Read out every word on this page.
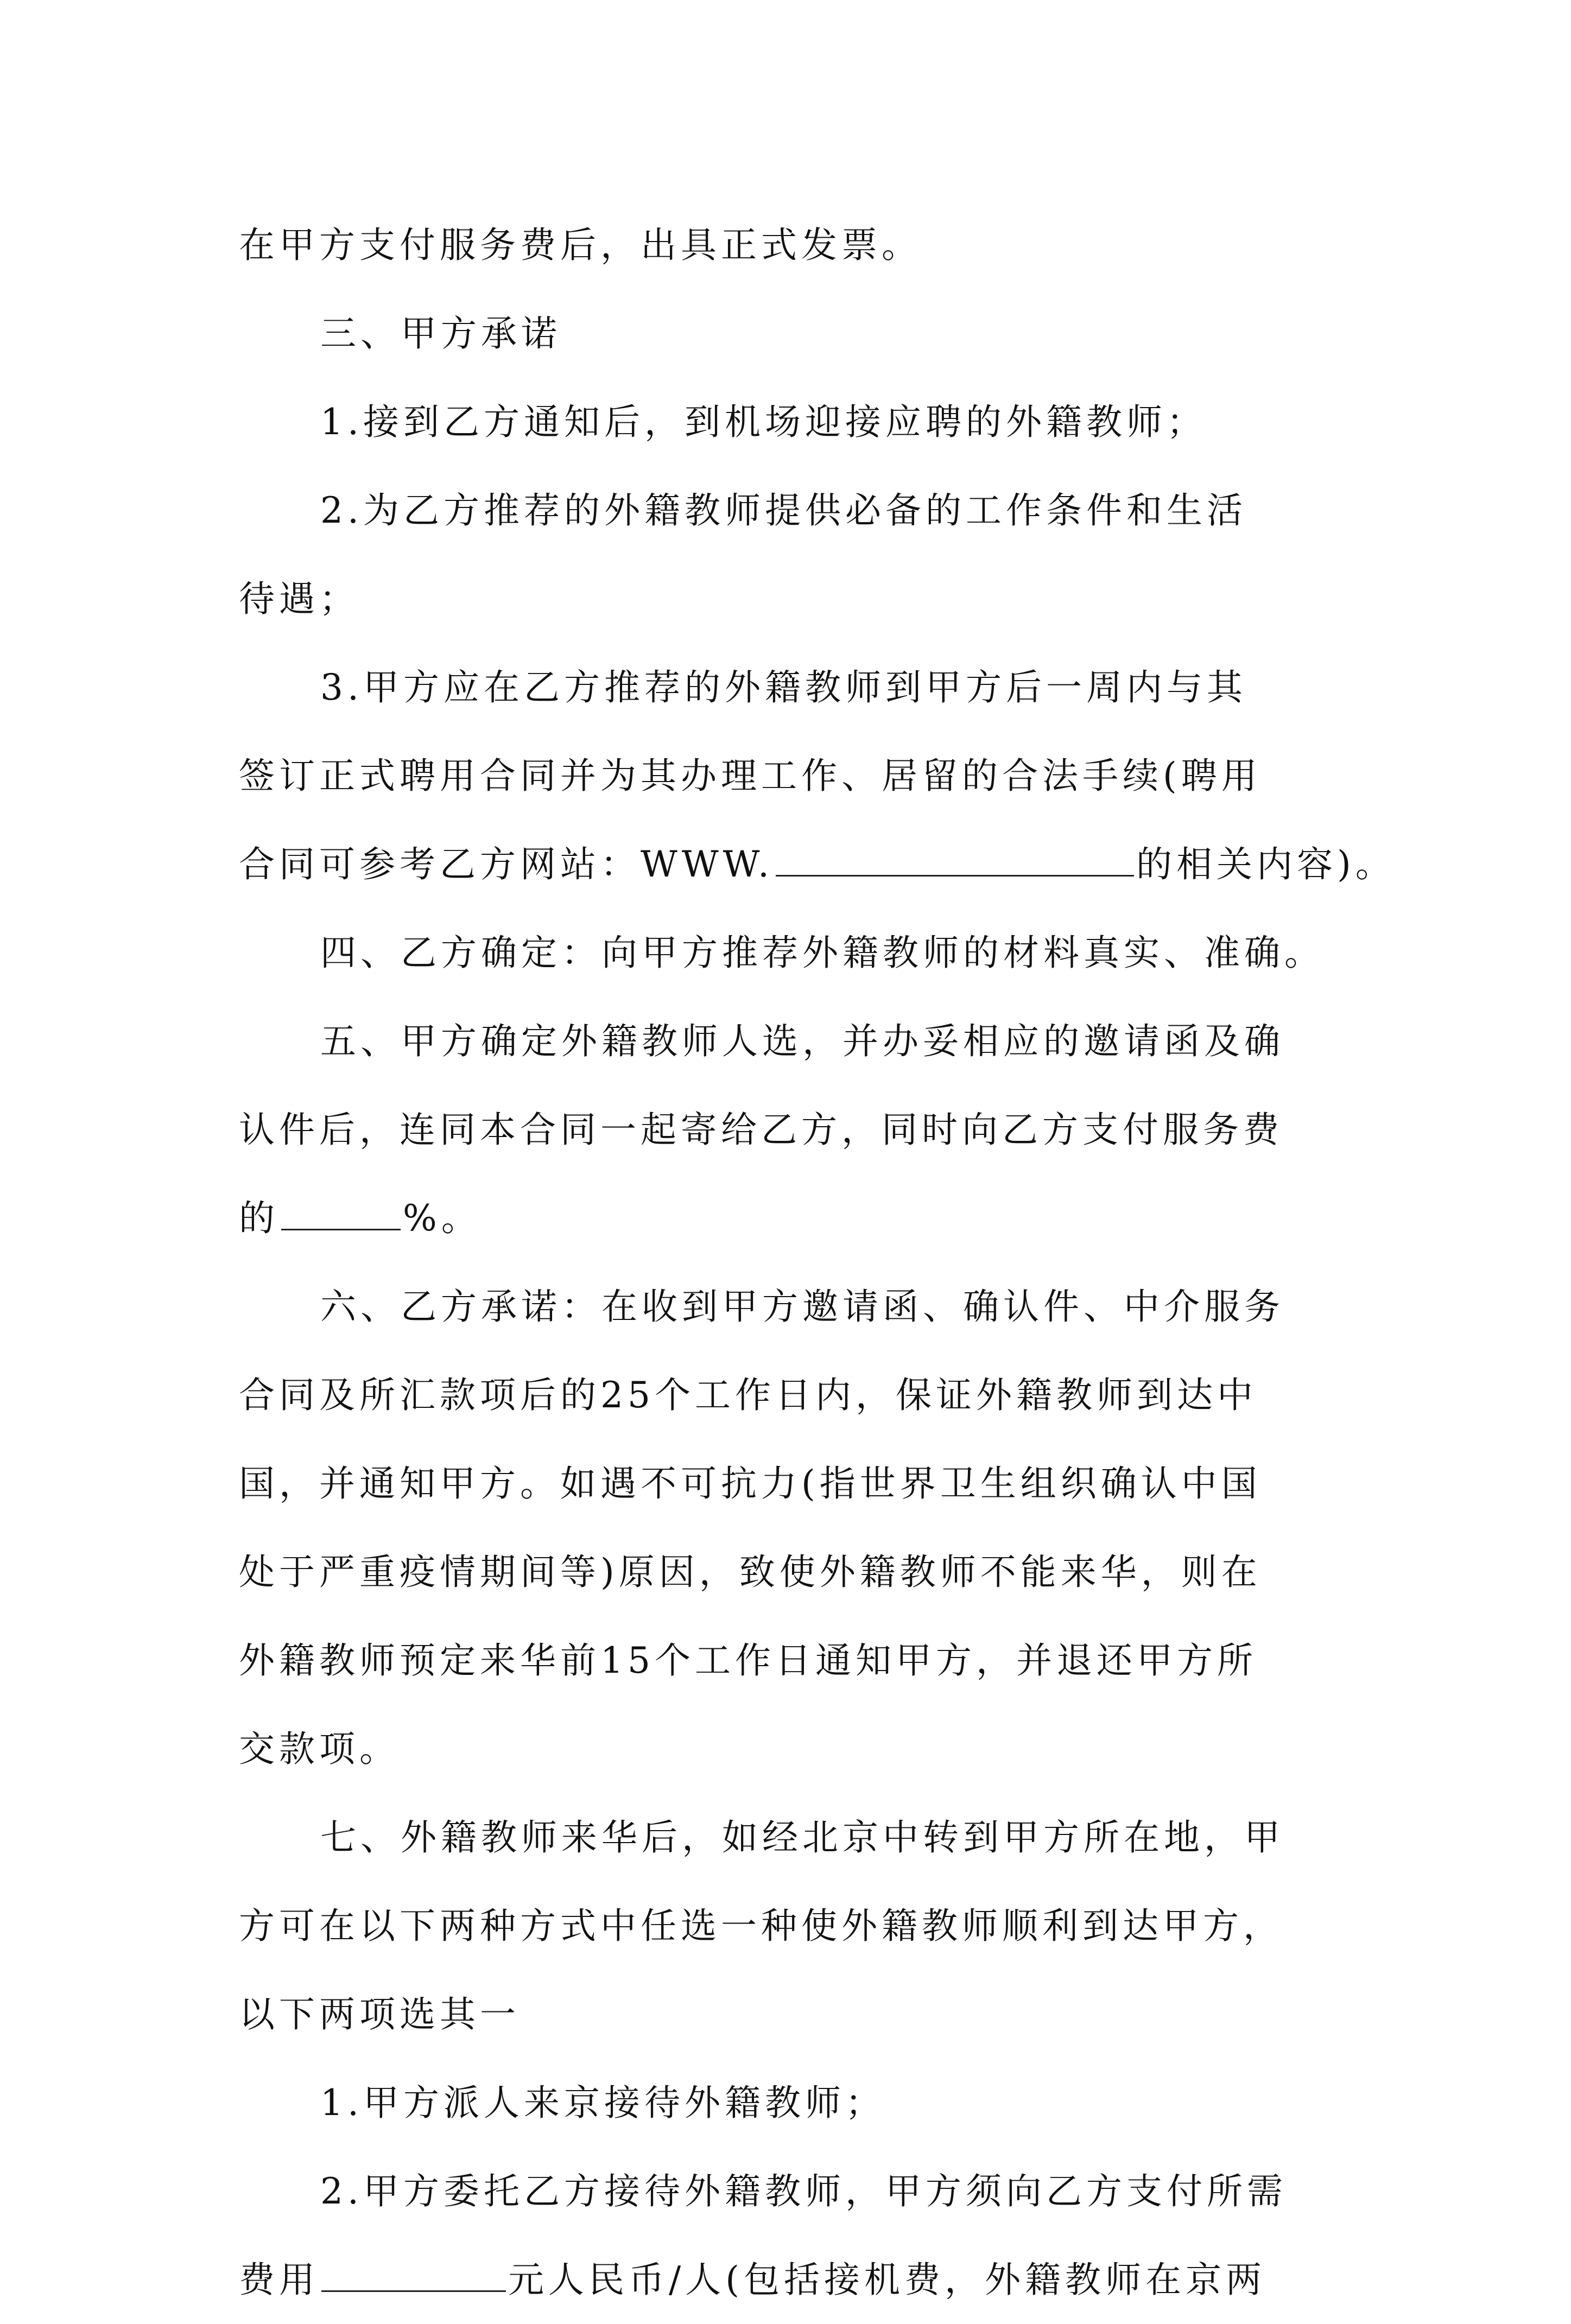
在甲方支付服务费后，出具正式发票。
三、甲方承诺
1.接到乙方通知后，到机场迎接应聘的外籍教师；
2.为乙方推荐的外籍教师提供必备的工作条件和生活
待遇；
3.甲方应在乙方推荐的外籍教师到甲方后一周内与其
签订正式聘用合同并为其办理工作、居留的合法手续(聘用
合同可参考乙方网站：WWW.	的相关内容)。
四、乙方确定：向甲方推荐外籍教师的材料真实、准确。
五、甲方确定外籍教师人选，并办妥相应的邀请函及确
认件后，连同本合同一起寄给乙方，同时向乙方支付服务费
的	%。
六、乙方承诺：在收到甲方邀请函、确认件、中介服务
合同及所汇款项后的25个工作日内，保证外籍教师到达中
国，并通知甲方。如遇不可抗力(指世界卫生组织确认中国
处于严重疫情期间等)原因，致使外籍教师不能来华，则在
外籍教师预定来华前15个工作日通知甲方，并退还甲方所
交款项。
七、外籍教师来华后，如经北京中转到甲方所在地，甲
方可在以下两种方式中任选一种使外籍教师顺利到达甲方，
以下两项选其一
1.甲方派人来京接待外籍教师；
2.甲方委托乙方接待外籍教师，甲方须向乙方支付所需
费用	元人民币/人(包括接机费，外籍教师在京两
